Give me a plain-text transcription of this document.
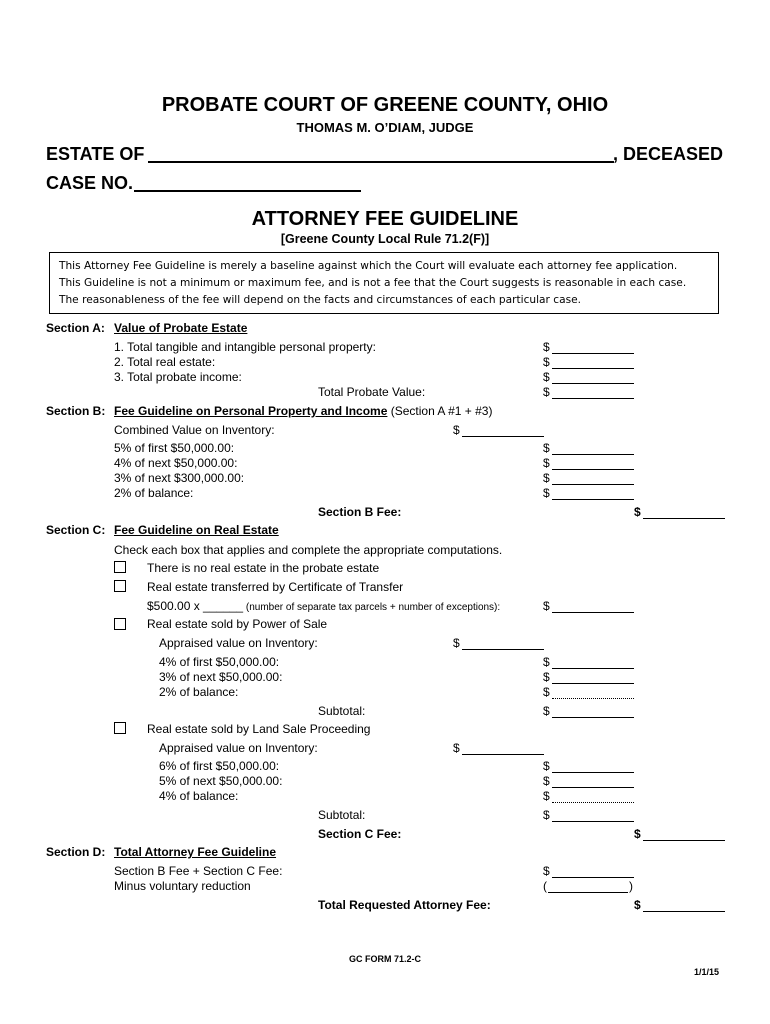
PROBATE COURT OF GREENE COUNTY, OHIO
THOMAS M. O’DIAM, JUDGE
ESTATE OF	, DECEASED
CASE NO.
ATTORNEY FEE GUIDELINE
[Greene County Local Rule 71.2(F)]
This Attorney Fee Guideline is merely a baseline against which the Court will evaluate each attorney fee application.
This Guideline is not a minimum or maximum fee, and is not a fee that the Court suggests is reasonable in each case.
The reasonableness of the fee will depend on the facts and circumstances of each particular case.
Section A: Value of Probate Estate
1. Total tangible and intangible personal property:	$
2. Total real estate:	$
3. Total probate income:	$
Total Probate Value:	$
Section B: Fee Guideline on Personal Property and Income (Section A #1 + #3)
Combined Value on Inventory:	$
5% of first $50,000.00:	$
4% of next $50,000.00:	$
3% of next $300,000.00:	$
2% of balance:	$
Section B Fee:	$
Section C: Fee Guideline on Real Estate
Check each box that applies and complete the appropriate computations.
There is no real estate in the probate estate
Real estate transferred by Certificate of Transfer
$500.00 x ______ (number of separate tax parcels + number of exceptions):	$
Real estate sold by Power of Sale
Appraised value on Inventory:	$
4% of first $50,000.00:	$
3% of next $50,000.00:	$
2% of balance:	$
Subtotal:	$
Real estate sold by Land Sale Proceeding
Appraised value on Inventory:	$
6% of first $50,000.00:	$
5% of next $50,000.00:	$
4% of balance:	$
Subtotal:	$
Section C Fee:	$
Section D: Total Attorney Fee Guideline
Section B Fee + Section C Fee:	$
Minus voluntary reduction	(	)
Total Requested Attorney Fee:	$
GC FORM 71.2-C
1/1/15
